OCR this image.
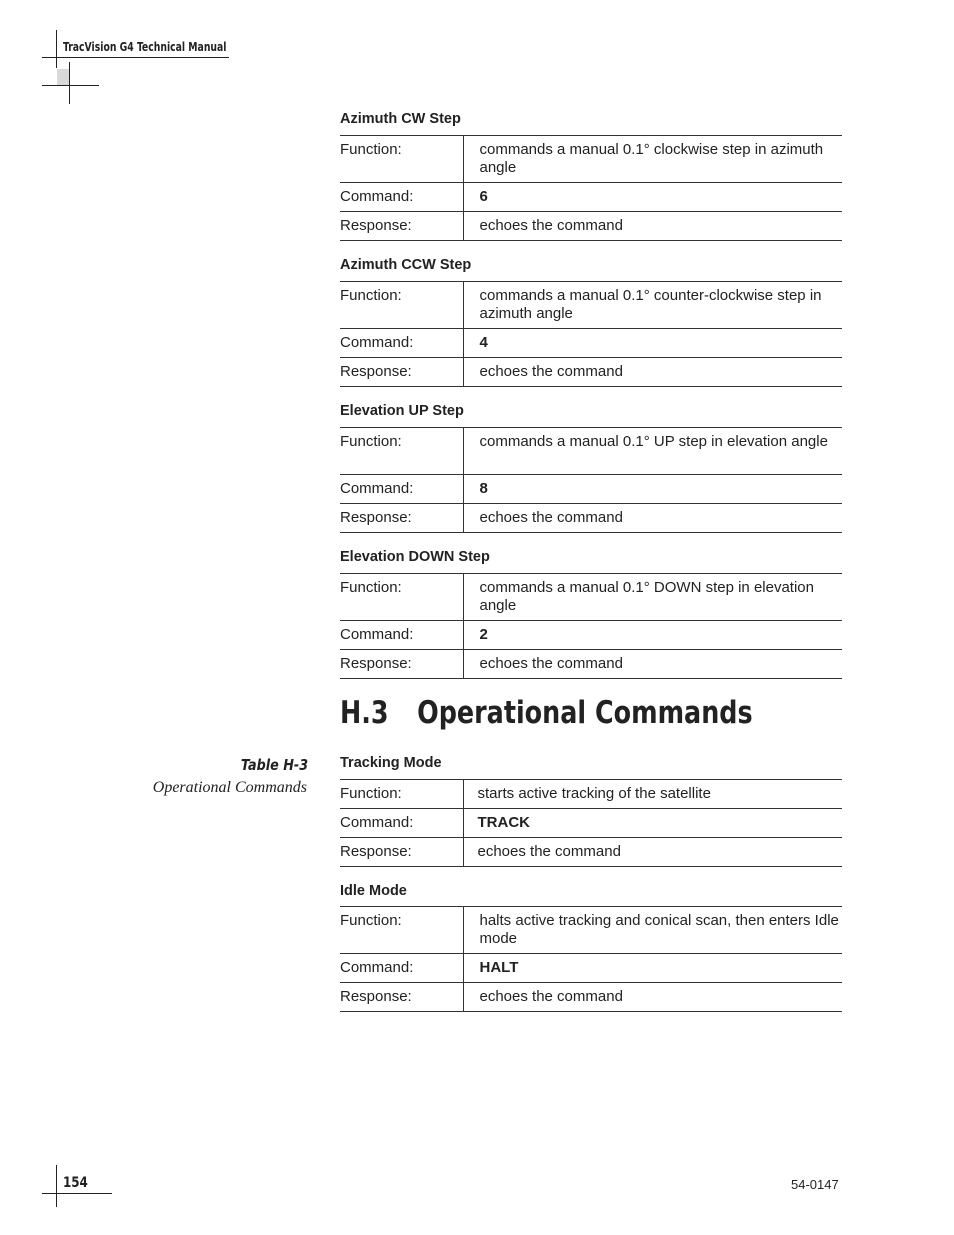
TracVision G4 Technical Manual
Azimuth CW Step
Function:	commands a manual 0.1° clockwise step in azimuth angle
Command:	6
Response:	echoes the command
Azimuth CCW Step
Function:	commands a manual 0.1° counter-clockwise step in azimuth angle
Command:	4
Response:	echoes the command
Elevation UP Step
Function:	commands a manual 0.1° UP step in elevation angle
Command:	8
Response:	echoes the command
Elevation DOWN Step
Function:	commands a manual 0.1° DOWN step in elevation angle
Command:	2
Response:	echoes the command
H.3 Operational Commands
Table H-3
Operational Commands
Tracking Mode
Function:	starts active tracking of the satellite
Command:	TRACK
Response:	echoes the command
Idle Mode
Function:	halts active tracking and conical scan, then enters Idle mode
Command:	HALT
Response:	echoes the command
154	54-0147
